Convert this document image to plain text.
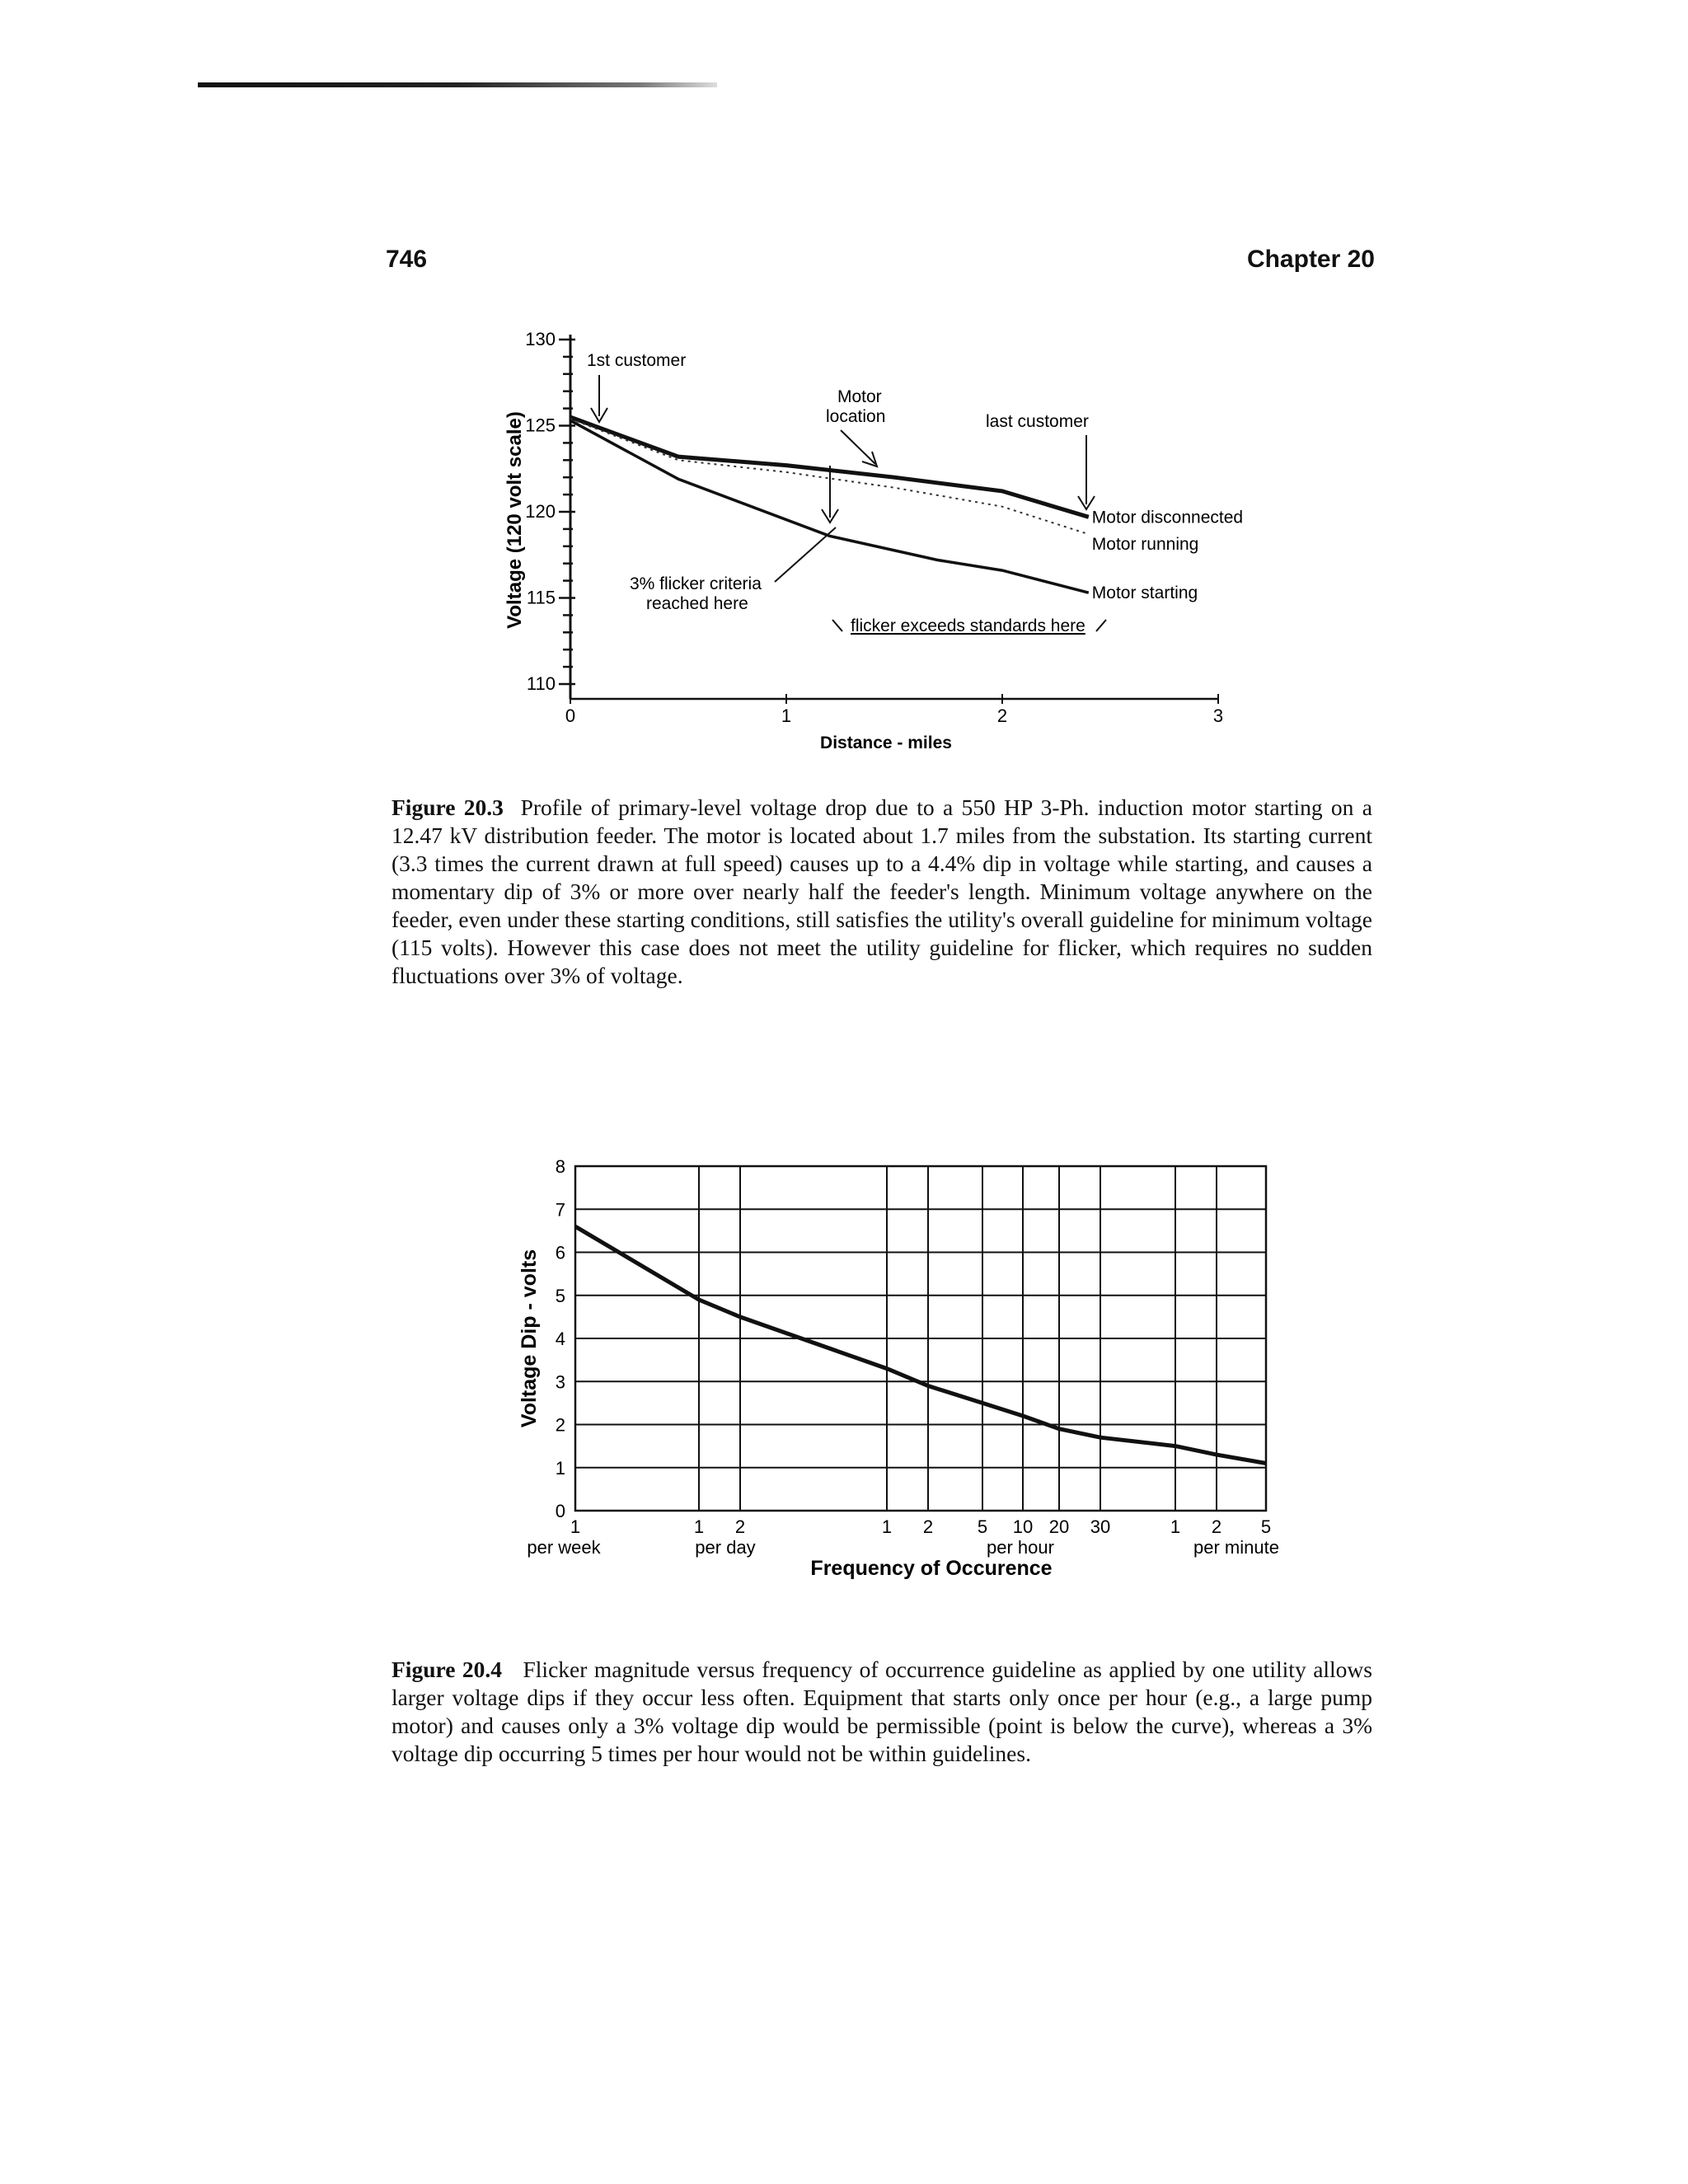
746	Chapter 20
110
115
120
125
130
0	1	2	3
Distance - miles
Voltage (120 volt scale)	Motor disconnected
Motor running
Motor starting
1st customer
Motor
location	last customer
3% flicker criteria
reached here
flicker exceeds standards here
Figure 20.3 Profile of primary-level voltage drop due to a 550 HP 3-Ph. induction motor starting on a 12.47 kV distribution feeder. The motor is located about 1.7 miles from the substation. Its starting current (3.3 times the current drawn at full speed) causes up to a 4.4% dip in voltage while starting, and causes a momentary dip of 3% or more over nearly half the feeder's length. Minimum voltage anywhere on the feeder, even under these starting conditions, still satisfies the utility's overall guideline for minimum voltage (115 volts). However this case does not meet the utility guideline for flicker, which requires no sudden fluctuations over 3% of voltage.
0
1
2
3
4
5
6
7
8
1	1 2	1 2 5 10 20 30	1 2 5
per week	per day	per hour	per minute
Frequency of Occurence
Voltage Dip - volts
Figure 20.4 Flicker magnitude versus frequency of occurrence guideline as applied by one utility allows larger voltage dips if they occur less often. Equipment that starts only once per hour (e.g., a large pump motor) and causes only a 3% voltage dip would be permissible (point is below the curve), whereas a 3% voltage dip occurring 5 times per hour would not be within guidelines.
